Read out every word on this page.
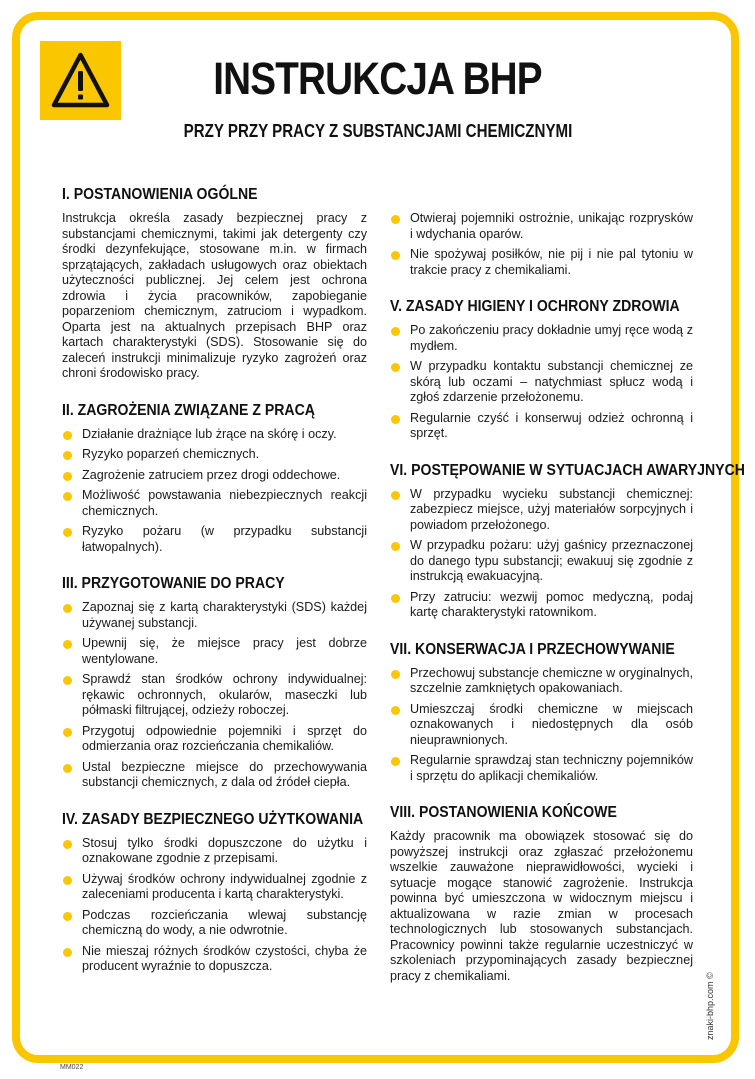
INSTRUKCJA BHP
PRZY PRZY PRACY Z SUBSTANCJAMI CHEMICZNYMI
I. POSTANOWIENIA OGÓLNE

Instrukcja określa zasady bezpiecznej pracy z substancjami chemicznymi, takimi jak detergenty czy środki dezynfekujące, stosowane m.in. w firmach sprzątających, zakładach usługowych oraz obiektach użyteczności publicznej. Jej celem jest ochrona zdrowia i życia pracowników, zapobieganie poparzeniom chemicznym, zatruciom i wypadkom. Oparta jest na aktualnych przepisach BHP oraz kartach charakterystyki (SDS). Stosowanie się do zaleceń instrukcji minimalizuje ryzyko zagrożeń oraz chroni środowisko pracy.

II. ZAGROŻENIA ZWIĄZANE Z PRACĄ
Działanie drażniące lub żrące na skórę i oczy.
Ryzyko poparzeń chemicznych.
Zagrożenie zatruciem przez drogi oddechowe.
Możliwość powstawania niebezpiecznych reakcji chemicznych.
Ryzyko pożaru (w przypadku substancji łatwopalnych).
III. PRZYGOTOWANIE DO PRACY
Zapoznaj się z kartą charakterystyki (SDS) każdej używanej substancji.
Upewnij się, że miejsce pracy jest dobrze wentylowane.
Sprawdź stan środków ochrony indywidualnej: rękawic ochronnych, okularów, maseczki lub półmaski filtrującej, odzieży roboczej.
Przygotuj odpowiednie pojemniki i sprzęt do odmierzania oraz rozcieńczania chemikaliów.
Ustal bezpieczne miejsce do przechowywania substancji chemicznych, z dala od źródeł ciepła.
IV. ZASADY BEZPIECZNEGO UŻYTKOWANIA
Stosuj tylko środki dopuszczone do użytku i oznakowane zgodnie z przepisami.
Używaj środków ochrony indywidualnej zgodnie z zaleceniami producenta i kartą charakterystyki.
Podczas rozcieńczania wlewaj substancję chemiczną do wody, a nie odwrotnie.
Nie mieszaj różnych środków czystości, chyba że producent wyraźnie to dopuszcza.
Otwieraj pojemniki ostrożnie, unikając rozprysków i wdychania oparów.
Nie spożywaj posiłków, nie pij i nie pal tytoniu w trakcie pracy z chemikaliami.
V. ZASADY HIGIENY I OCHRONY ZDROWIA
Po zakończeniu pracy dokładnie umyj ręce wodą z mydłem.
W przypadku kontaktu substancji chemicznej ze skórą lub oczami – natychmiast spłucz wodą i zgłoś zdarzenie przełożonemu.
Regularnie czyść i konserwuj odzież ochronną i sprzęt.
VI. POSTĘPOWANIE W SYTUACJACH AWARYJNYCH
W przypadku wycieku substancji chemicznej: zabezpiecz miejsce, użyj materiałów sorpcyjnych i powiadom przełożonego.
W przypadku pożaru: użyj gaśnicy przeznaczonej do danego typu substancji; ewakuuj się zgodnie z instrukcją ewakuacyjną.
Przy zatruciu: wezwij pomoc medyczną, podaj kartę charakterystyki ratownikom.
VII. KONSERWACJA I PRZECHOWYWANIE
Przechowuj substancje chemiczne w oryginalnych, szczelnie zamkniętych opakowaniach.
Umieszczaj środki chemiczne w miejscach oznakowanych i niedostępnych dla osób nieuprawnionych.
Regularnie sprawdzaj stan techniczny pojemników i sprzętu do aplikacji chemikaliów.
VIII. POSTANOWIENIA KOŃCOWE

Każdy pracownik ma obowiązek stosować się do powyższej instrukcji oraz zgłaszać przełożonemu wszelkie zauważone nieprawidłowości, wycieki i sytuacje mogące stanowić zagrożenie. Instrukcja powinna być umieszczona w widocznym miejscu i aktualizowana w razie zmian w procesach technologicznych lub stosowanych substancjach. Pracownicy powinni także regularnie uczestniczyć w szkoleniach przypominających zasady bezpiecznej pracy z chemikaliami.	znaki-bhp.com ©
MM022
